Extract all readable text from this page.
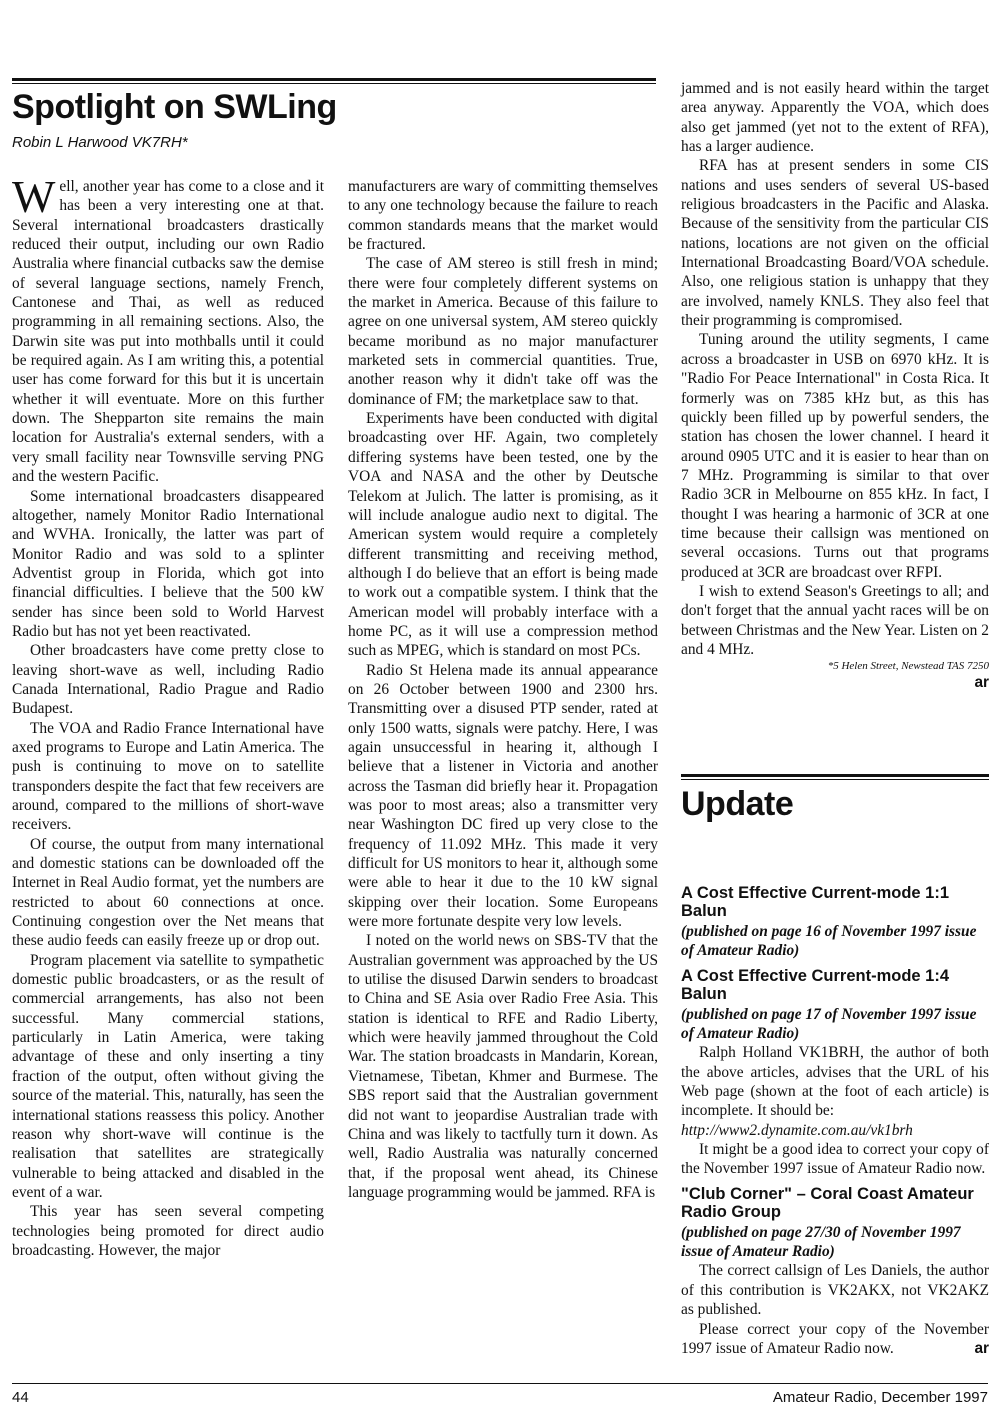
Spotlight on SWLing
Robin L Harwood VK7RH*

Well, another year has come to a close and it has been a very interesting one at that. Several international broadcasters drastically reduced their output, including our own Radio Australia where financial cutbacks saw the demise of several language sections, namely French, Cantonese and Thai, as well as reduced programming in all remaining sections. Also, the Darwin site was put into mothballs until it could be required again. As I am writing this, a potential user has come forward for this but it is uncertain whether it will eventuate. More on this further down. The Shepparton site remains the main location for Australia's external senders, with a very small facility near Townsville serving PNG and the western Pacific.

Some international broadcasters disappeared altogether, namely Monitor Radio International and WVHA. Ironically, the latter was part of Monitor Radio and was sold to a splinter Adventist group in Florida, which got into financial difficulties. I believe that the 500 kW sender has since been sold to World Harvest Radio but has not yet been reactivated.

Other broadcasters have come pretty close to leaving short-wave as well, including Radio Canada International, Radio Prague and Radio Budapest.

The VOA and Radio France International have axed programs to Europe and Latin America. The push is continuing to move on to satellite transponders despite the fact that few receivers are around, compared to the millions of short-wave receivers.

Of course, the output from many international and domestic stations can be downloaded off the Internet in Real Audio format, yet the numbers are restricted to about 60 connections at once. Continuing congestion over the Net means that these audio feeds can easily freeze up or drop out.

Program placement via satellite to sympathetic domestic public broadcasters, or as the result of commercial arrangements, has also not been successful. Many commercial stations, particularly in Latin America, were taking advantage of these and only inserting a tiny fraction of the output, often without giving the source of the material. This, naturally, has seen the international stations reassess this policy. Another reason why short-wave will continue is the realisation that satellites are strategically vulnerable to being attacked and disabled in the event of a war.

This year has seen several competing technologies being promoted for direct audio broadcasting. However, the major

manufacturers are wary of committing themselves to any one technology because the failure to reach common standards means that the market would be fractured.

The case of AM stereo is still fresh in mind; there were four completely different systems on the market in America. Because of this failure to agree on one universal system, AM stereo quickly became moribund as no major manufacturer marketed sets in commercial quantities. True, another reason why it didn't take off was the dominance of FM; the marketplace saw to that.

Experiments have been conducted with digital broadcasting over HF. Again, two completely differing systems have been tested, one by the VOA and NASA and the other by Deutsche Telekom at Julich. The latter is promising, as it will include analogue audio next to digital. The American system would require a completely different transmitting and receiving method, although I do believe that an effort is being made to work out a compatible system. I think that the American model will probably interface with a home PC, as it will use a compression method such as MPEG, which is standard on most PCs.

Radio St Helena made its annual appearance on 26 October between 1900 and 2300 hrs. Transmitting over a disused PTP sender, rated at only 1500 watts, signals were patchy. Here, I was again unsuccessful in hearing it, although I believe that a listener in Victoria and another across the Tasman did briefly hear it. Propagation was poor to most areas; also a transmitter very near Washington DC fired up very close to the frequency of 11.092 MHz. This made it very difficult for US monitors to hear it, although some were able to hear it due to the 10 kW signal skipping over their location. Some Europeans were more fortunate despite very low levels.

I noted on the world news on SBS-TV that the Australian government was approached by the US to utilise the disused Darwin senders to broadcast to China and SE Asia over Radio Free Asia. This station is identical to RFE and Radio Liberty, which were heavily jammed throughout the Cold War. The station broadcasts in Mandarin, Korean, Vietnamese, Tibetan, Khmer and Burmese. The SBS report said that the Australian government did not want to jeopardise Australian trade with China and was likely to tactfully turn it down. As well, Radio Australia was naturally concerned that, if the proposal went ahead, its Chinese language programming would be jammed. RFA is

jammed and is not easily heard within the target area anyway. Apparently the VOA, which does also get jammed (yet not to the extent of RFA), has a larger audience.

RFA has at present senders in some CIS nations and uses senders of several US-based religious broadcasters in the Pacific and Alaska. Because of the sensitivity from the particular CIS nations, locations are not given on the official International Broadcasting Board/VOA schedule. Also, one religious station is unhappy that they are involved, namely KNLS. They also feel that their programming is compromised.

Tuning around the utility segments, I came across a broadcaster in USB on 6970 kHz. It is "Radio For Peace International" in Costa Rica. It formerly was on 7385 kHz but, as this has quickly been filled up by powerful senders, the station has chosen the lower channel. I heard it around 0905 UTC and it is easier to hear than on 7 MHz. Programming is similar to that over Radio 3CR in Melbourne on 855 kHz. In fact, I thought I was hearing a harmonic of 3CR at one time because their callsign was mentioned on several occasions. Turns out that programs produced at 3CR are broadcast over RFPI.

I wish to extend Season's Greetings to all; and don't forget that the annual yacht races will be on between Christmas and the New Year. Listen on 2 and 4 MHz.

*5 Helen Street, Newstead TAS 7250

ar

Update
A Cost Effective Current-mode 1:1 Balun

(published on page 16 of November 1997 issue of Amateur Radio)

A Cost Effective Current-mode 1:4 Balun

(published on page 17 of November 1997 issue of Amateur Radio)

Ralph Holland VK1BRH, the author of both the above articles, advises that the URL of his Web page (shown at the foot of each article) is incomplete. It should be:

http://www2.dynamite.com.au/vk1brh

It might be a good idea to correct your copy of the November 1997 issue of Amateur Radio now.

"Club Corner" – Coral Coast Amateur Radio Group

(published on page 27/30 of November 1997 issue of Amateur Radio)

The correct callsign of Les Daniels, the author of this contribution is VK2AKX, not VK2AKZ as published.

Please correct your copy of the November 1997 issue of Amateur Radio now.	ar

44	Amateur Radio, December 1997
